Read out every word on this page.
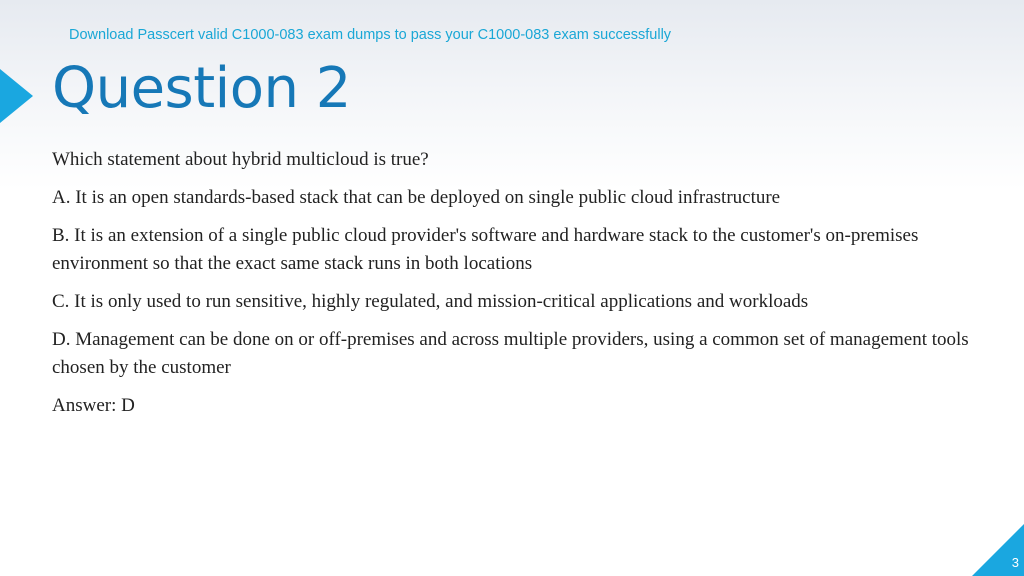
Download Passcert valid C1000-083 exam dumps to pass your C1000-083 exam successfully
Question 2

Which statement about hybrid multicloud is true?

A. It is an open standards-based stack that can be deployed on single public cloud infrastructure

B. It is an extension of a single public cloud provider's software and hardware stack to the customer's on-premises environment so that the exact same stack runs in both locations

C. It is only used to run sensitive, highly regulated, and mission-critical applications and workloads

D. Management can be done on or off-premises and across multiple providers, using a common set of management tools chosen by the customer

Answer: D

3
